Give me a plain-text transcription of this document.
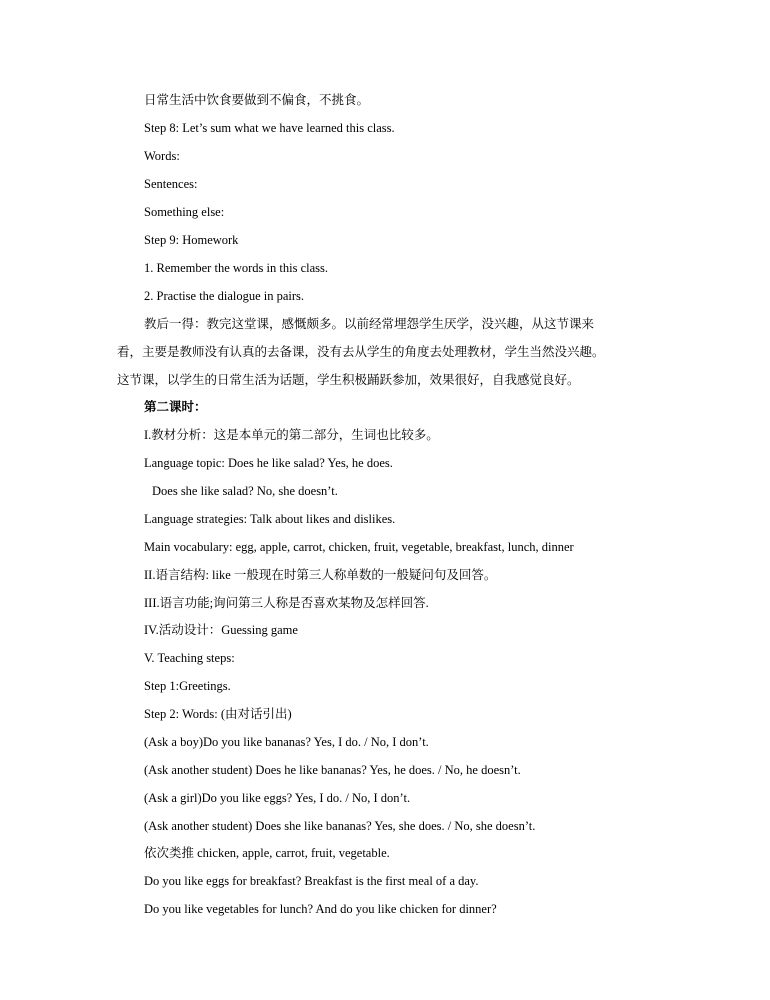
日常生活中饮食要做到不偏食，不挑食。
Step 8: Let’s sum what we have learned this class.
Words:
Sentences:
Something else:
Step 9: Homework
1. Remember the words in this class.
2. Practise the dialogue in pairs.
教后一得：教完这堂课，感慨颇多。以前经常埋怨学生厌学，没兴趣，从这节课来
看，主要是教师没有认真的去备课，没有去从学生的角度去处理教材，学生当然没兴趣。
这节课，以学生的日常生活为话题，学生积极踊跃参加，效果很好，自我感觉良好。
第二课时：
I.教材分析：这是本单元的第二部分，生词也比较多。
Language topic: Does he like salad? Yes, he does.
Does she like salad? No, she doesn’t.
Language strategies: Talk about likes and dislikes.
Main vocabulary: egg, apple, carrot, chicken, fruit, vegetable, breakfast, lunch, dinner
II.语言结构: like 一般现在时第三人称单数的一般疑问句及回答。
III.语言功能;询问第三人称是否喜欢某物及怎样回答.
IV.活动设计：Guessing game
V. Teaching steps:
Step 1:Greetings.
Step 2: Words: (由对话引出)
(Ask a boy)Do you like bananas? Yes, I do. / No, I don’t.
(Ask another student) Does he like bananas? Yes, he does. / No, he doesn’t.
(Ask a girl)Do you like eggs? Yes, I do. / No, I don’t.
(Ask another student) Does she like bananas? Yes, she does. / No, she doesn’t.
依次类推 chicken, apple, carrot, fruit, vegetable.
Do you like eggs for breakfast? Breakfast is the first meal of a day.
Do you like vegetables for lunch? And do you like chicken for dinner?
